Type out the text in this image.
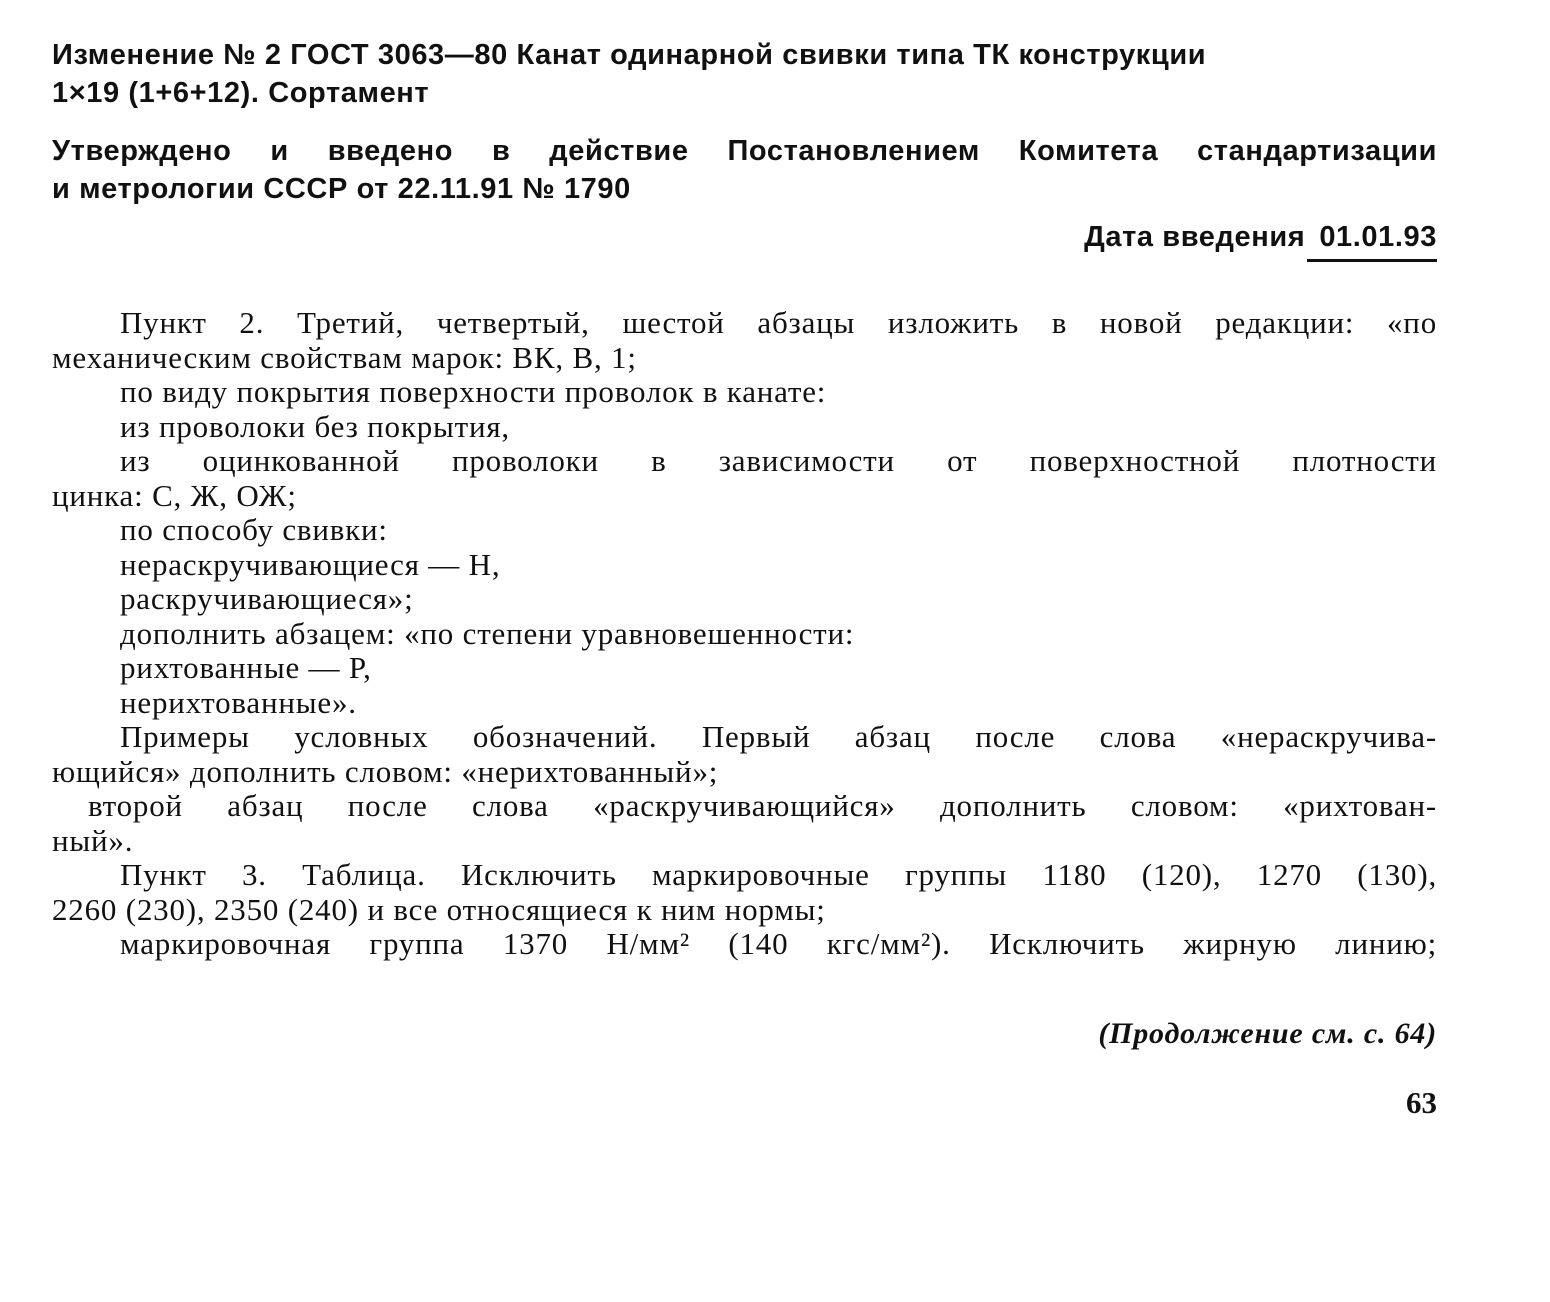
Изменение № 2 ГОСТ 3063—80 Канат одинарной свивки типа ТК конструкции
1×19 (1+6+12). Сортамент
Утверждено и введено в действие Постановлением Комитета стандартизации
и метрологии СССР от 22.11.91 № 1790
Дата введения 01.01.93

Пункт 2. Третий, четвертый, шестой абзацы изложить в новой редакции: «по
механическим свойствам марок: ВК, В, 1;

по виду покрытия поверхности проволок в канате:

из проволоки без покрытия,

из оцинкованной проволоки в зависимости от поверхностной плотности
цинка: С, Ж, ОЖ;

по способу свивки:

нераскручивающиеся — Н,

раскручивающиеся»;

дополнить абзацем: «по степени уравновешенности:

рихтованные — Р,

нерихтованные».

Примеры условных обозначений. Первый абзац после слова «нераскручива-
ющийся» дополнить словом: «нерихтованный»;

второй абзац после слова «раскручивающийся» дополнить словом: «рихтован-
ный».

Пункт 3. Таблица. Исключить маркировочные группы 1180 (120), 1270 (130),
2260 (230), 2350 (240) и все относящиеся к ним нормы;

маркировочная группа 1370 Н/мм² (140 кгс/мм²). Исключить жирную линию;

(Продолжение см. с. 64)
63
